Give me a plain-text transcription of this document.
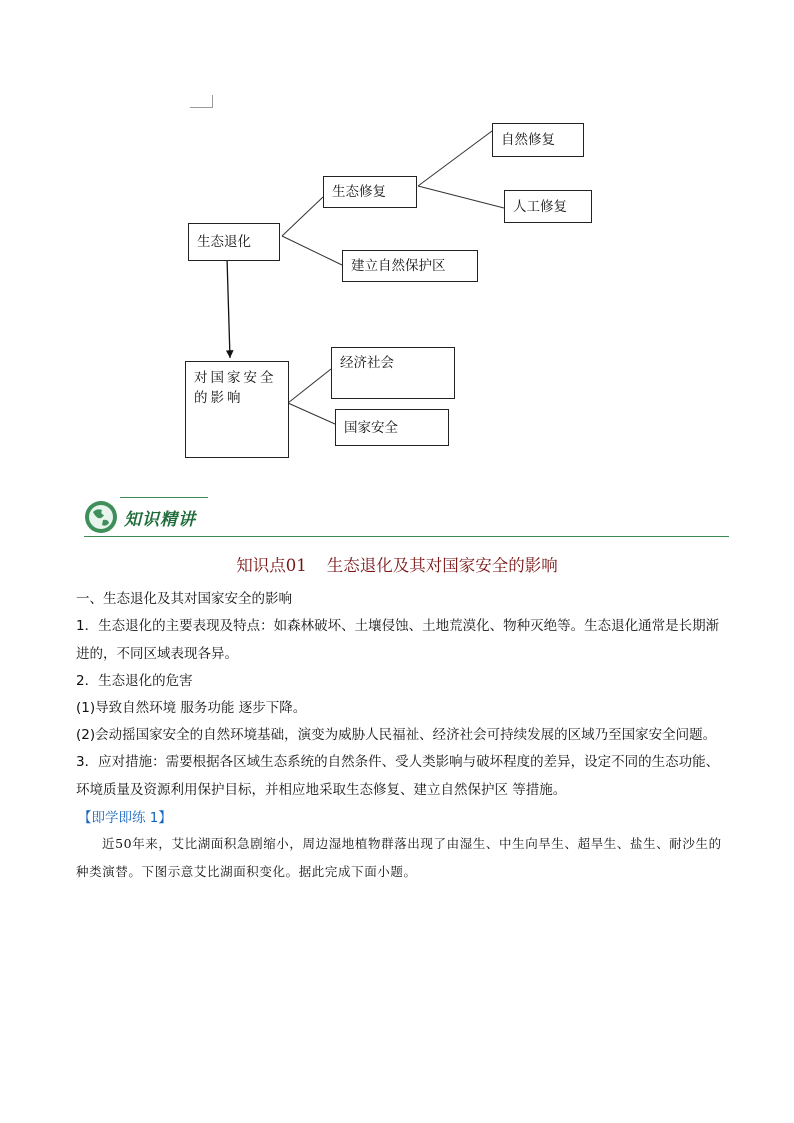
生态退化
生态修复
自然修复
人工修复
建立自然保护区
对国家安全的影响
经济社会
国家安全
知识精讲
知识点01 生态退化及其对国家安全的影响
一、生态退化及其对国家安全的影响
1．生态退化的主要表现及特点：如森林破坏、土壤侵蚀、土地荒漠化、物种灭绝等。生态退化通常是长期渐进的，不同区域表现各异。
2．生态退化的危害
(1)导致自然环境 服务功能 逐步下降。
(2)会动摇国家安全的自然环境基础，演变为威胁人民福祉、经济社会可持续发展的区域乃至国家安全问题。
3．应对措施：需要根据各区域生态系统的自然条件、受人类影响与破坏程度的差异，设定不同的生态功能、环境质量及资源利用保护目标，并相应地采取生态修复、建立自然保护区 等措施。
【即学即练 1】
近50年来，艾比湖面积急剧缩小，周边湿地植物群落出现了由湿生、中生向旱生、超旱生、盐生、耐沙生的种类演替。下图示意艾比湖面积变化。据此完成下面小题。
